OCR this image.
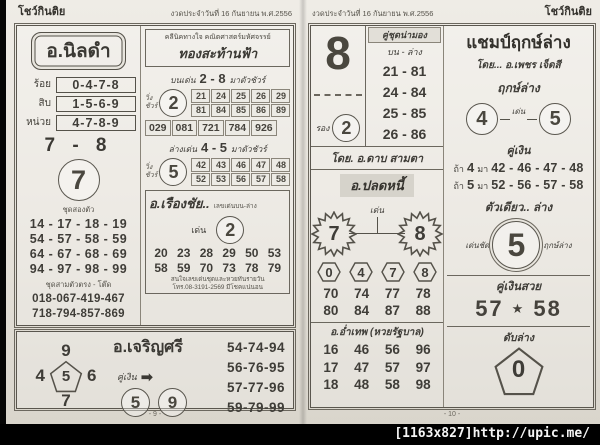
โชว์กินติย	งวดประจำวันที่ 16 กันยายน พ.ศ.2556
อ.นิลดำ
ร้อย	0-4-7-8
สิบ	1-5-6-9
หน่วย	4-7-8-9
7 - 8
7
ชุดสองตัว
14 - 17 - 18 - 19
54 - 57 - 58 - 59
64 - 67 - 68 - 69
94 - 97 - 98 - 99
ชุดสามตัวตรง - โต๊ด
018-067-419-467
718-794-857-869
คลีนิคทางใจ คณิตศาสตร์มหัศจรรย์
ทองสะท้านฟ้า
บนเด่น 2 - 8 มาตัวชัวร์
วิ่ง
ชัวร์ 2	21	24	25	26	29
81	84	85	86	89
029 081 721 784 926
ล่างเด่น 4 - 5 มาตัวชัวร์
วิ่ง
ชัวร์ 5	42	43	46	47	48
52	53	56	57	58
อ.เรืองชัย.. เลขเด่นบน-ล่าง
เด่น	2
20 23 28 29 50 53
58 59 70 73 78 79
สนใจเลขเด่นชุดและหวยทันรายวัน
โทร.08-3191-2569 มีโชคแน่นอน
อ.เจริญศรี
9
4 5 6
7
คู่เงิน ➡
5	9
54-74-94
56-76-95
57-77-96
59-79-99
- 9 -
งวดประจำวันที่ 16 กันยายน พ.ศ.2556	โชว์กินติย
8
รอง 2
คู่ชุดน่ามอง
บน - ล่าง
21 - 81
24 - 84
25 - 85
26 - 86
โดย. อ.ดาบ สามตา
อ.ปลดหนี้
7
เด่น
8
0 4 7 8
70 74 77 78
80 84 87 88
อ.อ่ำเทพ (หวยรัฐบาล)
16 46 56 96
17 47 57 97
18 48 58 98
แชมป์ฤกษ์ล่าง
โดย... อ.เพชร เจ็ดสี
ฤกษ์ล่าง
4	เด่น	5
คู่เงิน
ถ้า 4 มา 42 - 46 - 47 - 48
ถ้า 5 มา 52 - 56 - 57 - 58
ตัวเดียว.. ล่าง
เด่นชัด 5	ฤกษ์ล่าง
คู่เงินสวย
57 ★ 58
ดับล่าง
0
- 10 -
[1163x827]http://upic.me/
